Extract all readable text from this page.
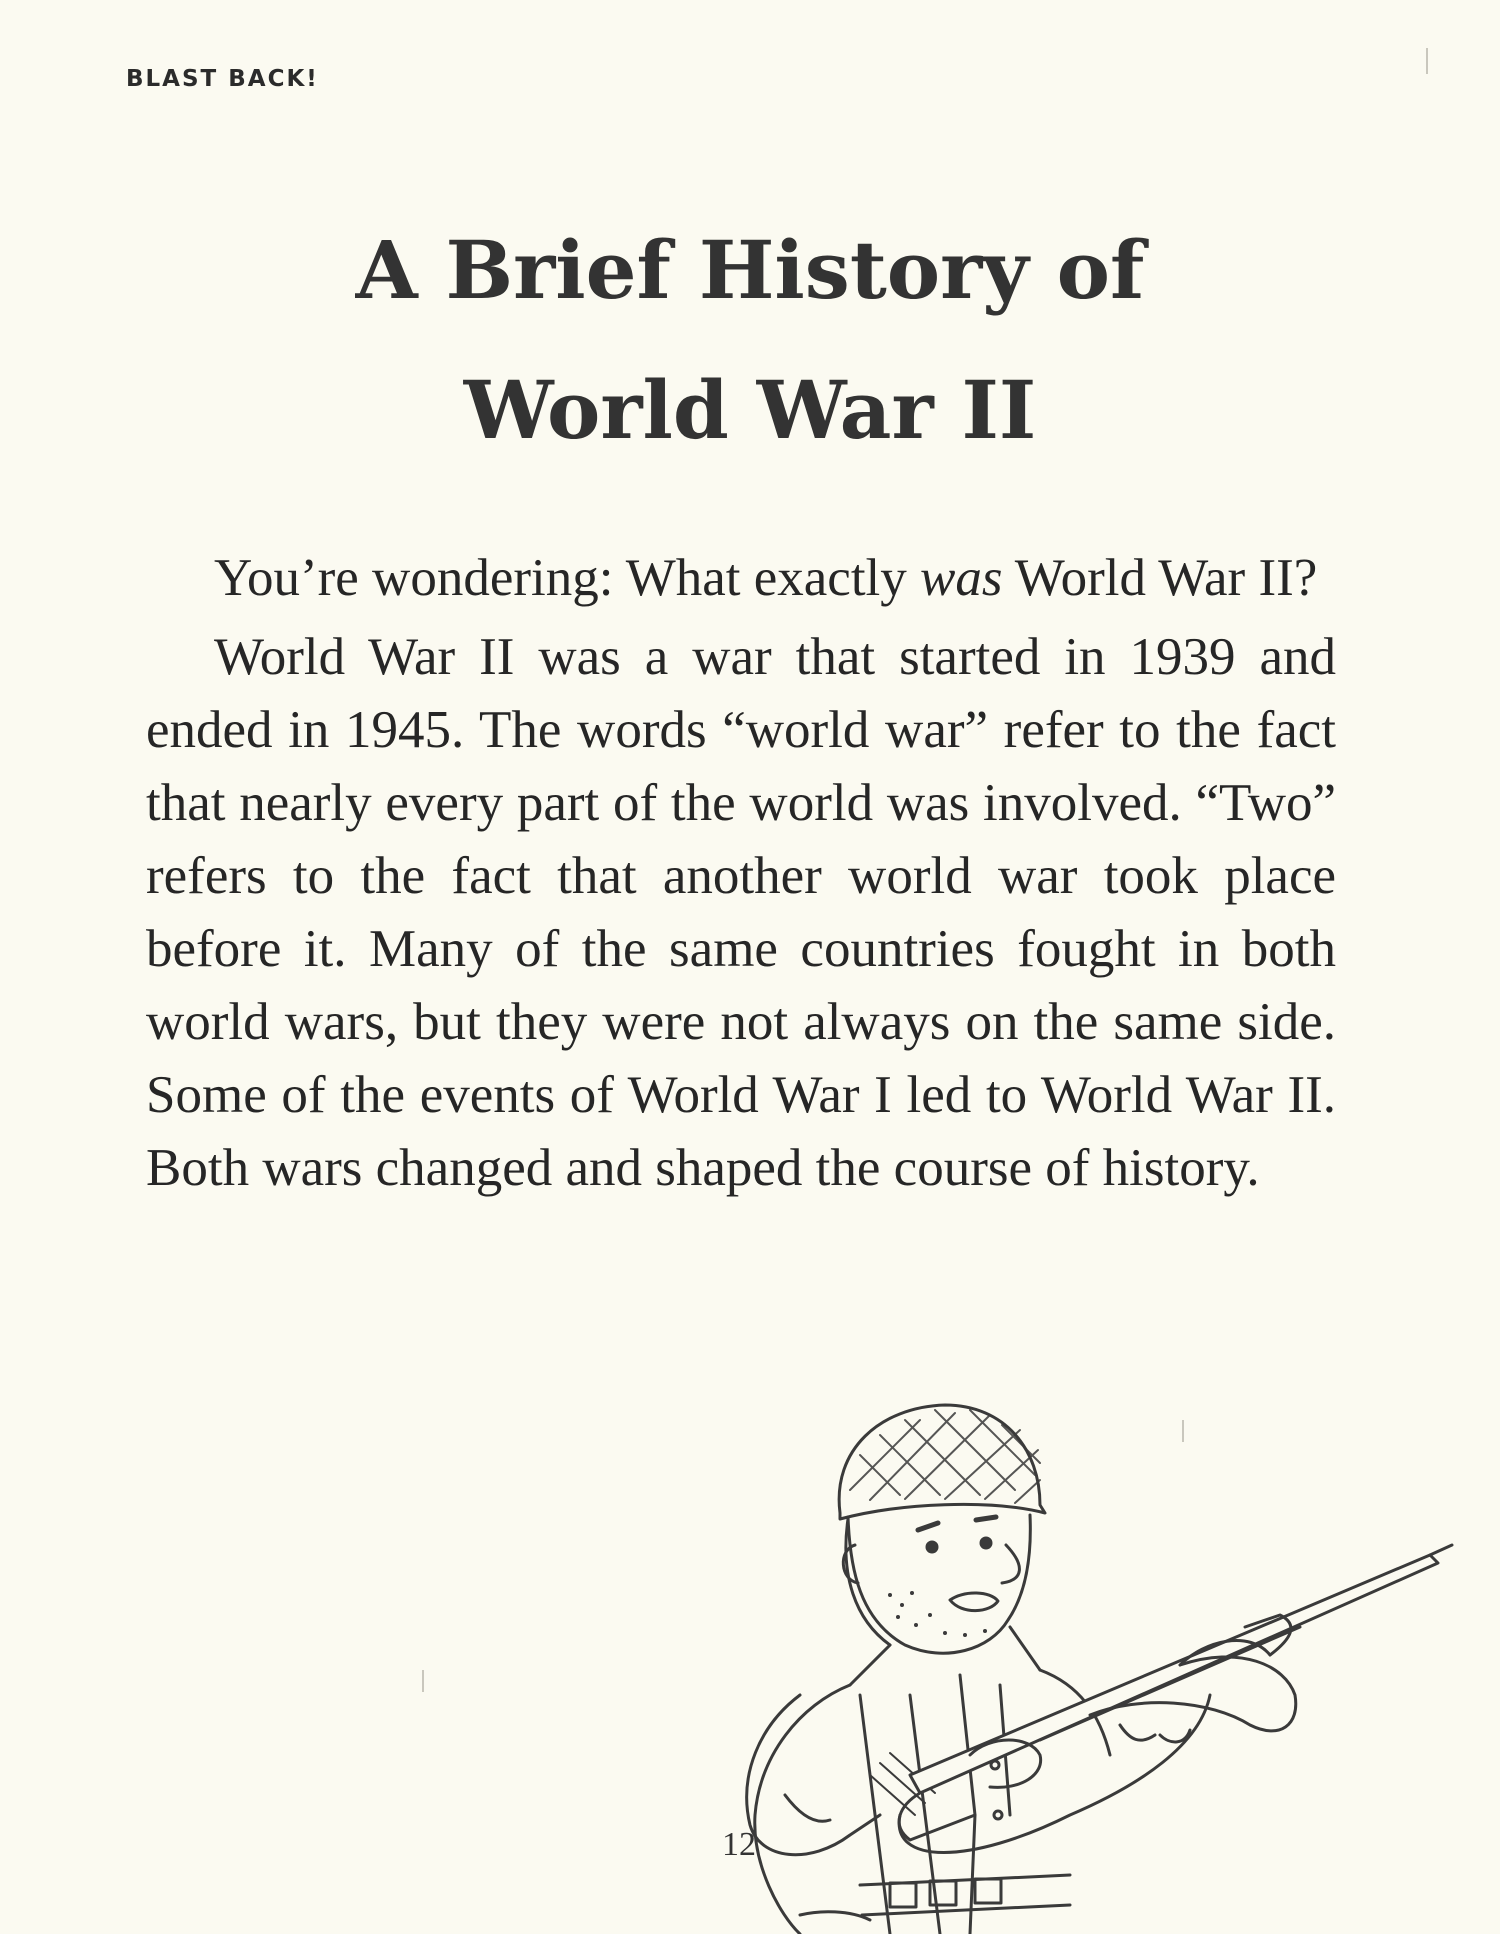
BLAST BACK!
A Brief History of
World War II

You’re wondering: What exactly was World War II?

World War II was a war that started in 1939 and ended in 1945. The words “world war” refer to the fact that nearly every part of the world was involved. “Two” refers to the fact that another world war took place before it. Many of the same countries fought in both world wars, but they were not always on the same side. Some of the events of World War I led to World War II. Both wars changed and shaped the course of history.

12
